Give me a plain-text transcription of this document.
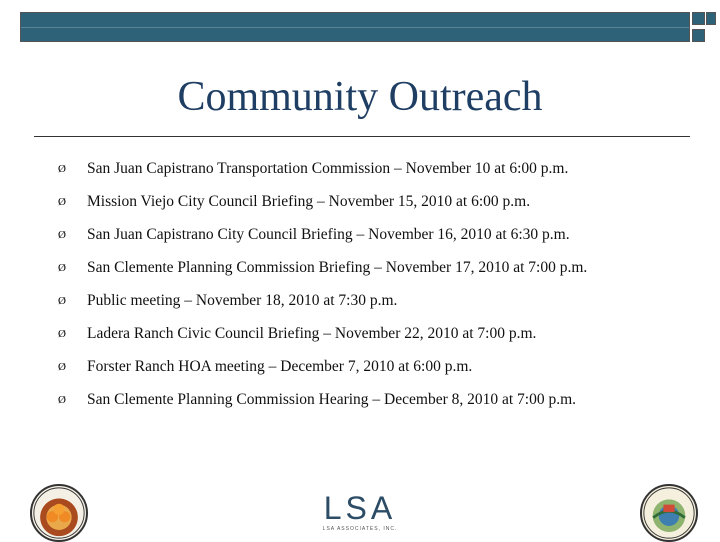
Community Outreach
Ø	San Juan Capistrano Transportation Commission – November 10 at 6:00 p.m.
Ø	Mission Viejo City Council Briefing – November 15, 2010 at 6:00 p.m.
Ø	San Juan Capistrano City Council Briefing – November 16, 2010 at 6:30 p.m.
Ø	San Clemente Planning Commission Briefing – November 17, 2010 at 7:00 p.m.
Ø	Public meeting – November 18, 2010 at 7:30 p.m.
Ø	Ladera Ranch Civic Council Briefing – November 22, 2010 at 7:00 p.m.
Ø	Forster Ranch HOA meeting – December 7, 2010 at 6:00 p.m.
Ø	San Clemente Planning Commission Hearing – December 8, 2010 at 7:00 p.m.
LSA
LSA ASSOCIATES, INC.
